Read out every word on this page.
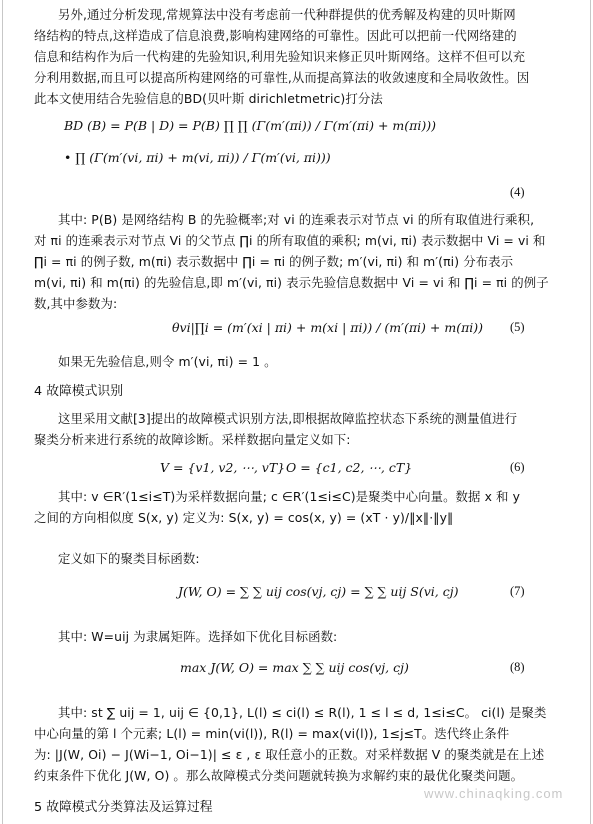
另外,通过分析发现,常规算法中没有考虑前一代种群提供的优秀解及构建的贝叶斯网
络结构的特点,这样造成了信息浪费,影响构建网络的可靠性。因此可以把前一代网络建的
信息和结构作为后一代构建的先验知识,利用先验知识来修正贝叶斯网络。这样不但可以充
分利用数据,而且可以提高所构建网络的可靠性,从而提高算法的收敛速度和全局收敛性。因
此本文使用结合先验信息的BD(贝叶斯 dirichletmetric)打分法
BD (B) = P(B | D) = P(B) ∏ ∏ (Γ(m′(πi)) / Γ(m′(πi) + m(πi)))
• ∏ (Γ(m′(vi, πi) + m(vi, πi)) / Γ(m′(vi, πi)))
(4)
其中: P(B) 是网络结构 B 的先验概率;对 vi 的连乘表示对节点 vi 的所有取值进行乘积,
对 πi 的连乘表示对节点 Vi 的父节点 ∏i 的所有取值的乘积; m(vi, πi) 表示数据中 Vi = vi 和
∏i = πi 的例子数, m(πi) 表示数据中 ∏i = πi 的例子数; m′(vi, πi) 和 m′(πi) 分布表示
m(vi, πi) 和 m(πi) 的先验信息,即 m′(vi, πi) 表示先验信息数据中 Vi = vi 和 ∏i = πi 的例子
数,其中参数为:
θvi|∏i = (m′(xi | πi) + m(xi | πi)) / (m′(πi) + m(πi)) (5)
如果无先验信息,则令 m′(vi, πi) = 1 。
4 故障模式识别
这里采用文献[3]提出的故障模式识别方法,即根据故障监控状态下系统的测量值进行
聚类分析来进行系统的故障诊断。采样数据向量定义如下:
V = {v1, v2, ⋯, vT} O = {c1, c2, ⋯, cT}	(6)
其中: v ∈R′(1≤i≤T)为采样数据向量; c ∈R′(1≤i≤C)是聚类中心向量。数据 x 和 y
之间的方向相似度 S(x, y) 定义为: S(x, y) = cos(x, y) = (xT · y)/‖x‖·‖y‖
定义如下的聚类目标函数:
J(W, O) = ∑ ∑ uij cos(vj, cj) = ∑ ∑ uij S(vi, cj)	(7)
其中: W=uij 为隶属矩阵。选择如下优化目标函数:
max J(W, O) = max ∑ ∑ uij cos(vj, cj)	(8)
其中: st ∑ uij = 1, uij ∈ {0,1}, L(l) ≤ ci(l) ≤ R(l), 1 ≤ l ≤ d, 1≤i≤C。 ci(l) 是聚类
中心向量的第 l 个元素; L(l) = min(vi(l)), R(l) = max(vi(l)), 1≤j≤T。迭代终止条件
为: |J(W, Oi) − J(Wi−1, Oi−1)| ≤ ε , ε 取任意小的正数。对采样数据 V 的聚类就是在上述
约束条件下优化 J(W, O) 。那么故障模式分类问题就转换为求解约束的最优化聚类问题。
5 故障模式分类算法及运算过程
www.chinaqking.com
